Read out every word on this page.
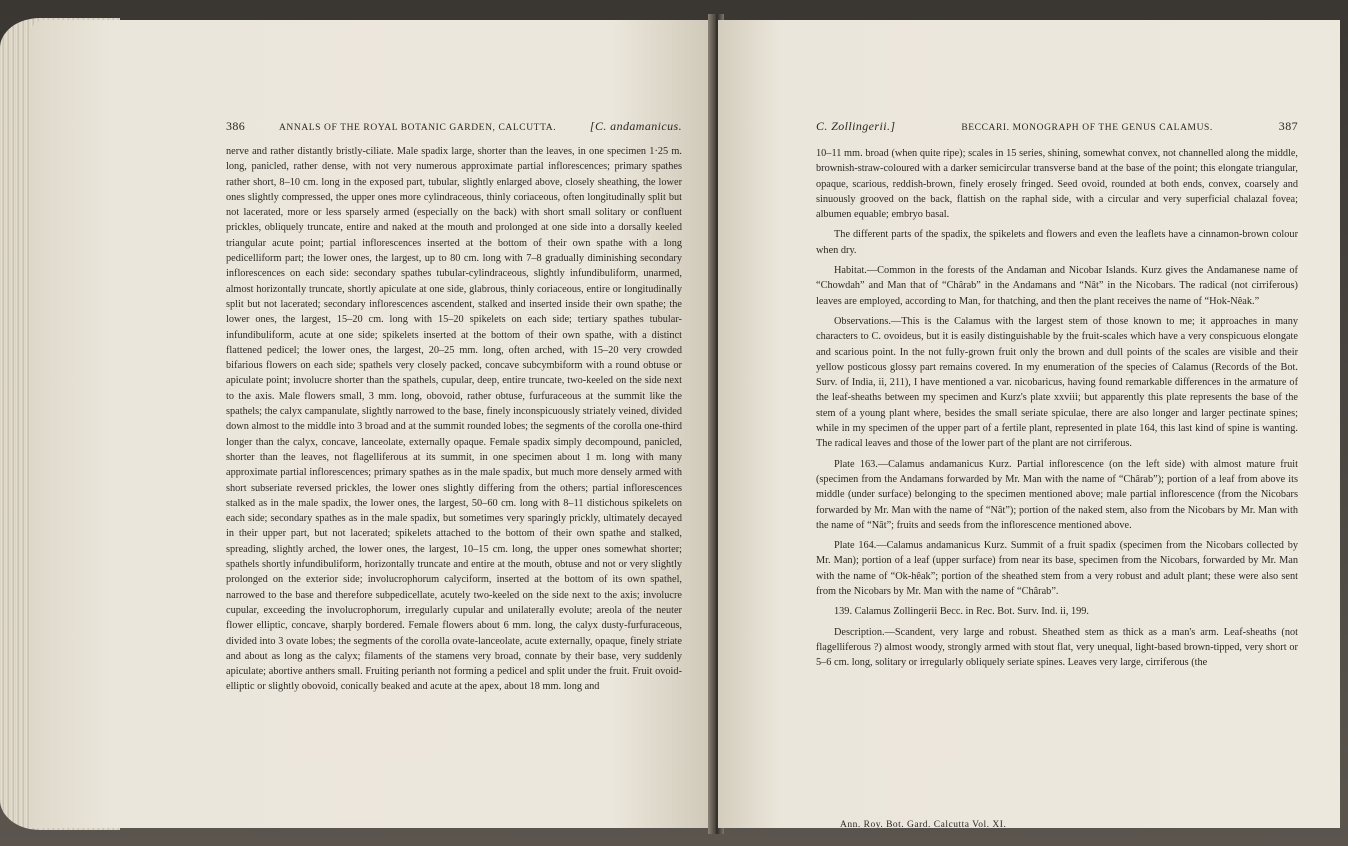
386	ANNALS OF THE ROYAL BOTANIC GARDEN, CALCUTTA.	[C. andamanicus.

nerve and rather distantly bristly-ciliate. Male spadix large, shorter than the leaves, in one specimen 1·25 m. long, panicled, rather dense, with not very numerous approximate partial inflorescences; primary spathes rather short, 8–10 cm. long in the exposed part, tubular, slightly enlarged above, closely sheathing, the lower ones slightly compressed, the upper ones more cylindraceous, thinly coriaceous, often longitudinally split but not lacerated, more or less sparsely armed (especially on the back) with short small solitary or confluent prickles, obliquely truncate, entire and naked at the mouth and prolonged at one side into a dorsally keeled triangular acute point; partial inflorescences inserted at the bottom of their own spathe with a long pedicelliform part; the lower ones, the largest, up to 80 cm. long with 7–8 gradually diminishing secondary inflorescences on each side: secondary spathes tubular-cylindraceous, slightly infundibuliform, unarmed, almost horizontally truncate, shortly apiculate at one side, glabrous, thinly coriaceous, entire or longitudinally split but not lacerated; secondary inflorescences ascendent, stalked and inserted inside their own spathe; the lower ones, the largest, 15–20 cm. long with 15–20 spikelets on each side; tertiary spathes tubular-infundibuliform, acute at one side; spikelets inserted at the bottom of their own spathe, with a distinct flattened pedicel; the lower ones, the largest, 20–25 mm. long, often arched, with 15–20 very crowded bifarious flowers on each side; spathels very closely packed, concave subcymbiform with a round obtuse or apiculate point; involucre shorter than the spathels, cupular, deep, entire truncate, two-keeled on the side next to the axis. Male flowers small, 3 mm. long, obovoid, rather obtuse, furfuraceous at the summit like the spathels; the calyx campanulate, slightly narrowed to the base, finely inconspicuously striately veined, divided down almost to the middle into 3 broad and at the summit rounded lobes; the segments of the corolla one-third longer than the calyx, concave, lanceolate, externally opaque. Female spadix simply decompound, panicled, shorter than the leaves, not flagelliferous at its summit, in one specimen about 1 m. long with many approximate partial inflorescences; primary spathes as in the male spadix, but much more densely armed with short subseriate reversed prickles, the lower ones slightly differing from the others; partial inflorescences stalked as in the male spadix, the lower ones, the largest, 50–60 cm. long with 8–11 distichous spikelets on each side; secondary spathes as in the male spadix, but sometimes very sparingly prickly, ultimately decayed in their upper part, but not lacerated; spikelets attached to the bottom of their own spathe and stalked, spreading, slightly arched, the lower ones, the largest, 10–15 cm. long, the upper ones somewhat shorter; spathels shortly infundibuliform, horizontally truncate and entire at the mouth, obtuse and not or very slightly prolonged on the exterior side; involucrophorum calyciform, inserted at the bottom of its own spathel, narrowed to the base and therefore subpedicellate, acutely two-keeled on the side next to the axis; involucre cupular, exceeding the involucrophorum, irregularly cupular and unilaterally evolute; areola of the neuter flower elliptic, concave, sharply bordered. Female flowers about 6 mm. long, the calyx dusty-furfuraceous, divided into 3 ovate lobes; the segments of the corolla ovate-lanceolate, acute externally, opaque, finely striate and about as long as the calyx; filaments of the stamens very broad, connate by their base, very suddenly apiculate; abortive anthers small. Fruiting perianth not forming a pedicel and split under the fruit. Fruit ovoid-elliptic or slightly obovoid, conically beaked and acute at the apex, about 18 mm. long and

C. Zollingerii.]	BECCARI. MONOGRAPH OF THE GENUS CALAMUS.	387

10–11 mm. broad (when quite ripe); scales in 15 series, shining, somewhat convex, not channelled along the middle, brownish-straw-coloured with a darker semicircular transverse band at the base of the point; this elongate triangular, opaque, scarious, reddish-brown, finely erosely fringed. Seed ovoid, rounded at both ends, convex, coarsely and sinuously grooved on the back, flattish on the raphal side, with a circular and very superficial chalazal fovea; albumen equable; embryo basal.

The different parts of the spadix, the spikelets and flowers and even the leaflets have a cinnamon-brown colour when dry.

Habitat.—Common in the forests of the Andaman and Nicobar Islands. Kurz gives the Andamanese name of “Chowdah” and Man that of “Chârab” in the Andamans and “Nât” in the Nicobars. The radical (not cirriferous) leaves are employed, according to Man, for thatching, and then the plant receives the name of “Hok-Nêak.”

Observations.—This is the Calamus with the largest stem of those known to me; it approaches in many characters to C. ovoideus, but it is easily distinguishable by the fruit-scales which have a very conspicuous elongate and scarious point. In the not fully-grown fruit only the brown and dull points of the scales are visible and their yellow posticous glossy part remains covered. In my enumeration of the species of Calamus (Records of the Bot. Surv. of India, ii, 211), I have mentioned a var. nicobaricus, having found remarkable differences in the armature of the leaf-sheaths between my specimen and Kurz's plate xxviii; but apparently this plate represents the base of the stem of a young plant where, besides the small seriate spiculae, there are also longer and larger pectinate spines; while in my specimen of the upper part of a fertile plant, represented in plate 164, this last kind of spine is wanting. The radical leaves and those of the lower part of the plant are not cirriferous.

Plate 163.—Calamus andamanicus Kurz. Partial inflorescence (on the left side) with almost mature fruit (specimen from the Andamans forwarded by Mr. Man with the name of “Chârab”); portion of a leaf from above its middle (under surface) belonging to the specimen mentioned above; male partial inflorescence (from the Nicobars forwarded by Mr. Man with the name of “Nât”); portion of the naked stem, also from the Nicobars by Mr. Man with the name of “Nât”; fruits and seeds from the inflorescence mentioned above.

Plate 164.—Calamus andamanicus Kurz. Summit of a fruit spadix (specimen from the Nicobars collected by Mr. Man); portion of a leaf (upper surface) from near its base, specimen from the Nicobars, forwarded by Mr. Man with the name of “Ok-hêak”; portion of the sheathed stem from a very robust and adult plant; these were also sent from the Nicobars by Mr. Man with the name of “Chârab”.

139. Calamus Zollingerii Becc. in Rec. Bot. Surv. Ind. ii, 199.

Description.—Scandent, very large and robust. Sheathed stem as thick as a man's arm. Leaf-sheaths (not flagelliferous ?) almost woody, strongly armed with stout flat, very unequal, light-based brown-tipped, very short or 5–6 cm. long, solitary or irregularly obliquely seriate spines. Leaves very large, cirriferous (the

Ann. Roy. Bot. Gard. Calcutta Vol. XI.
